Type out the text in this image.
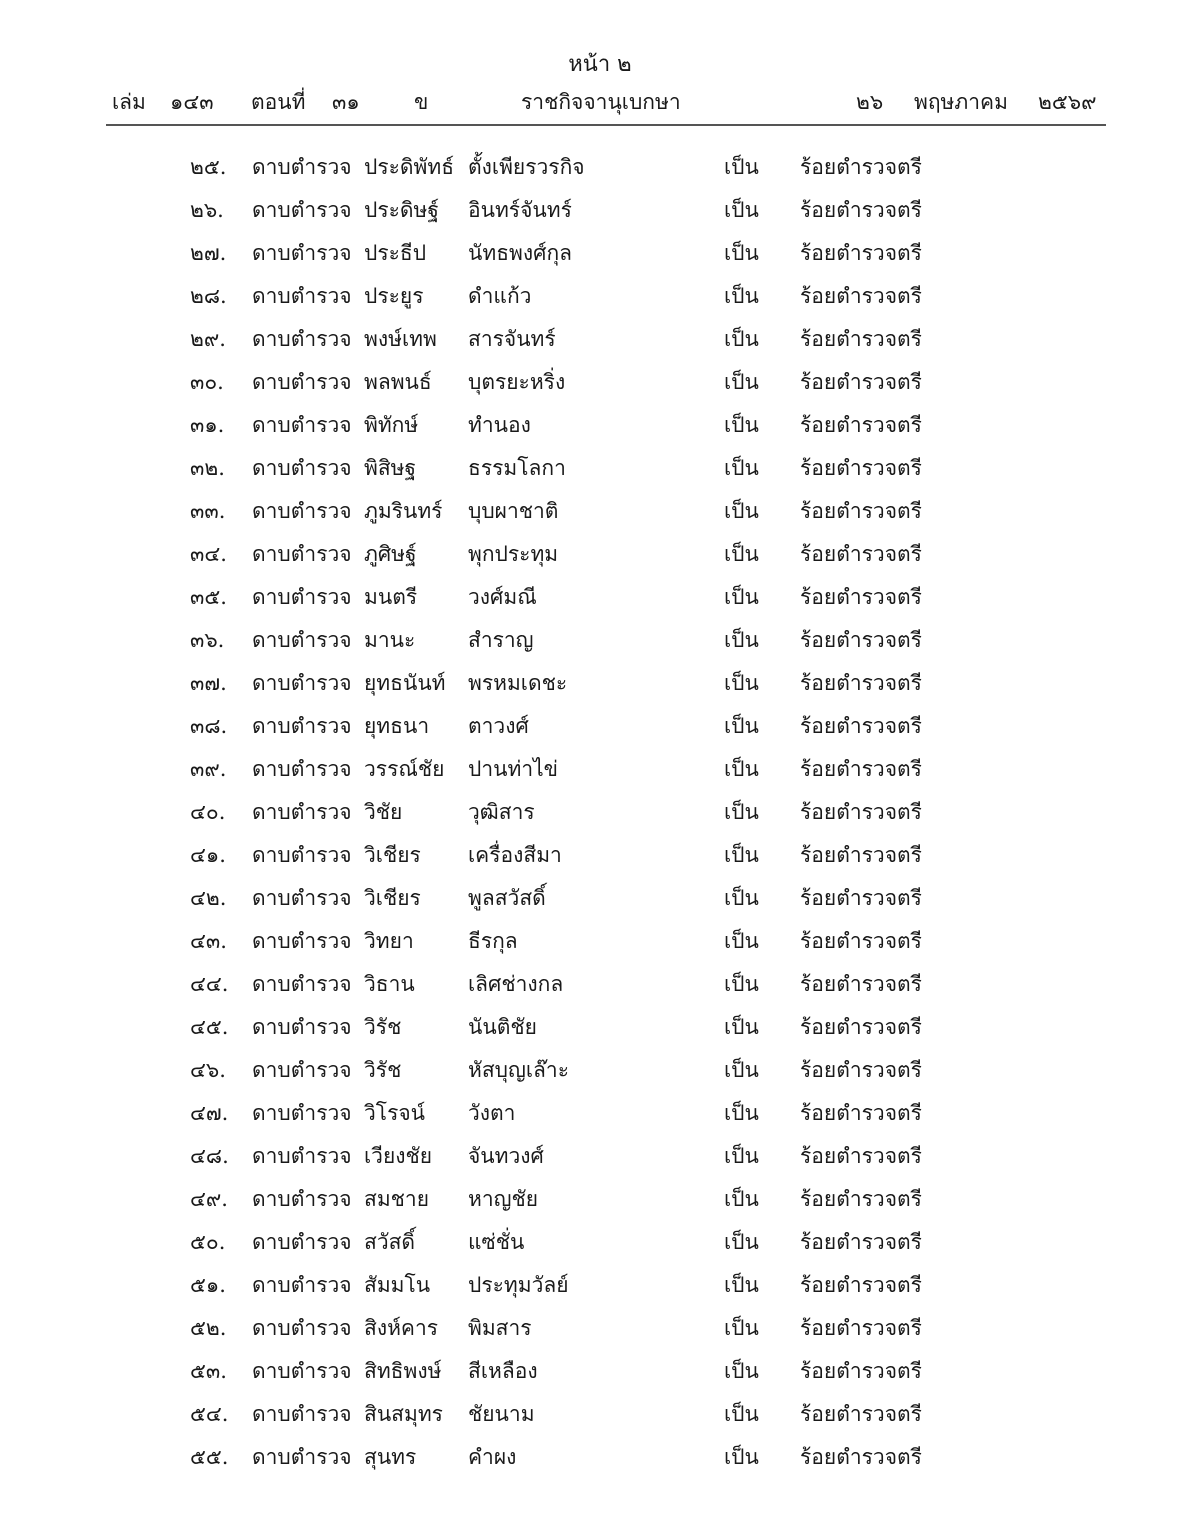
หน้า ๒
เล่ม ๑๔๓ ตอนที่ ๓๑	ข	ราชกิจจานุเบกษา	๒๖ พฤษภาคม ๒๕๖๙
๒๕. ดาบตำรวจ ประดิพัทธ์ ตั้งเพียรวรกิจ	เป็น ร้อยตำรวจตรี
๒๖. ดาบตำรวจ ประดิษฐ์ อินทร์จันทร์	เป็น ร้อยตำรวจตรี
๒๗. ดาบตำรวจ ประธีป นัทธพงศ์กุล	เป็น ร้อยตำรวจตรี
๒๘. ดาบตำรวจ ประยูร ดำแก้ว	เป็น ร้อยตำรวจตรี
๒๙. ดาบตำรวจ พงษ์เทพ สารจันทร์	เป็น ร้อยตำรวจตรี
๓๐. ดาบตำรวจ พลพนธ์ บุตรยะหริ่ง	เป็น ร้อยตำรวจตรี
๓๑. ดาบตำรวจ พิทักษ์ ทำนอง	เป็น ร้อยตำรวจตรี
๓๒. ดาบตำรวจ พิสิษฐ ธรรมโลกา	เป็น ร้อยตำรวจตรี
๓๓. ดาบตำรวจ ภูมรินทร์ บุบผาชาติ	เป็น ร้อยตำรวจตรี
๓๔. ดาบตำรวจ ภูศิษฐ์ พุกประทุม	เป็น ร้อยตำรวจตรี
๓๕. ดาบตำรวจ มนตรี วงศ์มณี	เป็น ร้อยตำรวจตรี
๓๖. ดาบตำรวจ มานะ	สำราญ	เป็น ร้อยตำรวจตรี
๓๗. ดาบตำรวจ ยุทธนันท์ พรหมเดชะ	เป็น ร้อยตำรวจตรี
๓๘. ดาบตำรวจ ยุทธนา ตาวงศ์	เป็น ร้อยตำรวจตรี
๓๙. ดาบตำรวจ วรรณ์ชัย ปานท่าไข่	เป็น ร้อยตำรวจตรี
๔๐. ดาบตำรวจ วิชัย	วุฒิสาร	เป็น ร้อยตำรวจตรี
๔๑. ดาบตำรวจ วิเชียร เครื่องสีมา	เป็น ร้อยตำรวจตรี
๔๒. ดาบตำรวจ วิเชียร พูลสวัสดิ์	เป็น ร้อยตำรวจตรี
๔๓. ดาบตำรวจ วิทยา	ธีรกุล	เป็น ร้อยตำรวจตรี
๔๔. ดาบตำรวจ วิธาน	เลิศช่างกล	เป็น ร้อยตำรวจตรี
๔๕. ดาบตำรวจ วิรัช	นันติชัย	เป็น ร้อยตำรวจตรี
๔๖. ดาบตำรวจ วิรัช	หัสบุญเล๊าะ	เป็น ร้อยตำรวจตรี
๔๗. ดาบตำรวจ วิโรจน์ วังตา	เป็น ร้อยตำรวจตรี
๔๘. ดาบตำรวจ เวียงชัย จันทวงศ์	เป็น ร้อยตำรวจตรี
๔๙. ดาบตำรวจ สมชาย หาญชัย	เป็น ร้อยตำรวจตรี
๕๐. ดาบตำรวจ สวัสดิ์	แซ่ชั่น	เป็น ร้อยตำรวจตรี
๕๑. ดาบตำรวจ สัมมโน ประทุมวัลย์	เป็น ร้อยตำรวจตรี
๕๒. ดาบตำรวจ สิงห์คาร พิมสาร	เป็น ร้อยตำรวจตรี
๕๓. ดาบตำรวจ สิทธิพงษ์ สีเหลือง	เป็น ร้อยตำรวจตรี
๕๔. ดาบตำรวจ สินสมุทร ชัยนาม	เป็น ร้อยตำรวจตรี
๕๕. ดาบตำรวจ สุนทร คำผง	เป็น ร้อยตำรวจตรี
